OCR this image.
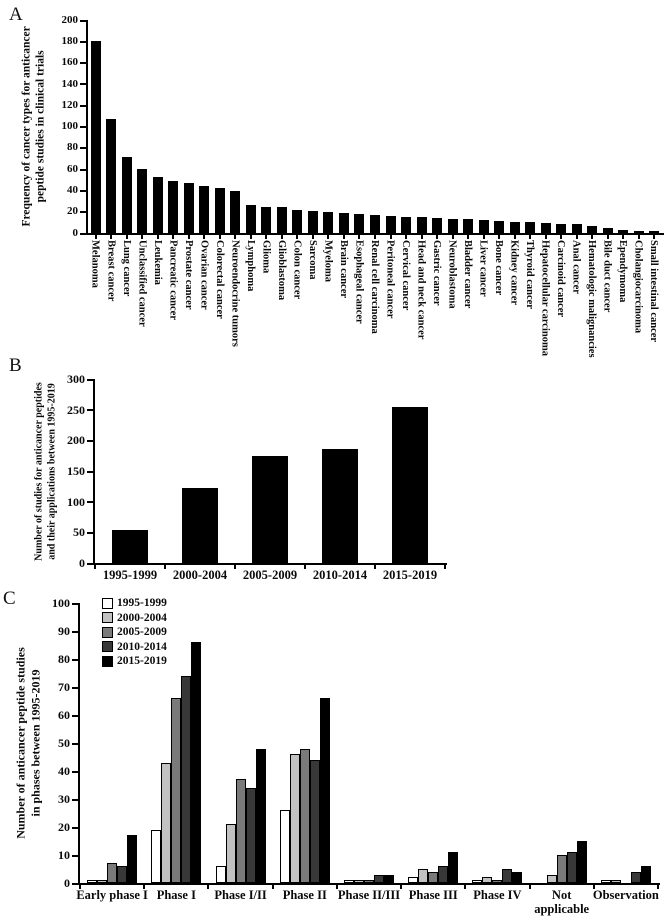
A
B
C
0
20
40
60
80
100
120
140
160
180
200
Melanoma Breast cancer Lung cancer Unclassified cancer Leukemia Pancreatic cancer Prostate cancer Ovarian cancer Colorectal cancer Neuroendocrine tumors Lymphoma Glioma Glioblastoma Colon cancer Sarcoma Myeloma Brain cancer Esophageal cancer Renal cell carcinoma Peritoneal cancer Cervical cancer Head and neck cancer Gastric cancer Neuroblastoma Bladder cancer Liver cancer Bone cancer Kidney cancer Thyroid cancer Hepatocellular carcinoma Carcinoid cancer Anal cancer Hematologic malignancies Bile duct cancer Ependymoma Cholangiocarcinoma Small intestinal cancer
Frequency of cancer types for anticancer peptide studies in clinical trials
0
50
100
150
200
250
300
1995-1999	2000-2004	2005-2009	2010-2014	2015-2019
Number of studies for anticancer peptides and their applications between 1995-2019
0
10
20
30
40
50
60
70
80
90
100
Early phase I Phase I	Phase I/II	Phase II Phase II/III Phase III	Phase IV	Not
applicable
Observation
Number of anticancer peptide studies in phases between 1995-2019
1995-1999
2000-2004
2005-2009
2010-2014
2015-2019
